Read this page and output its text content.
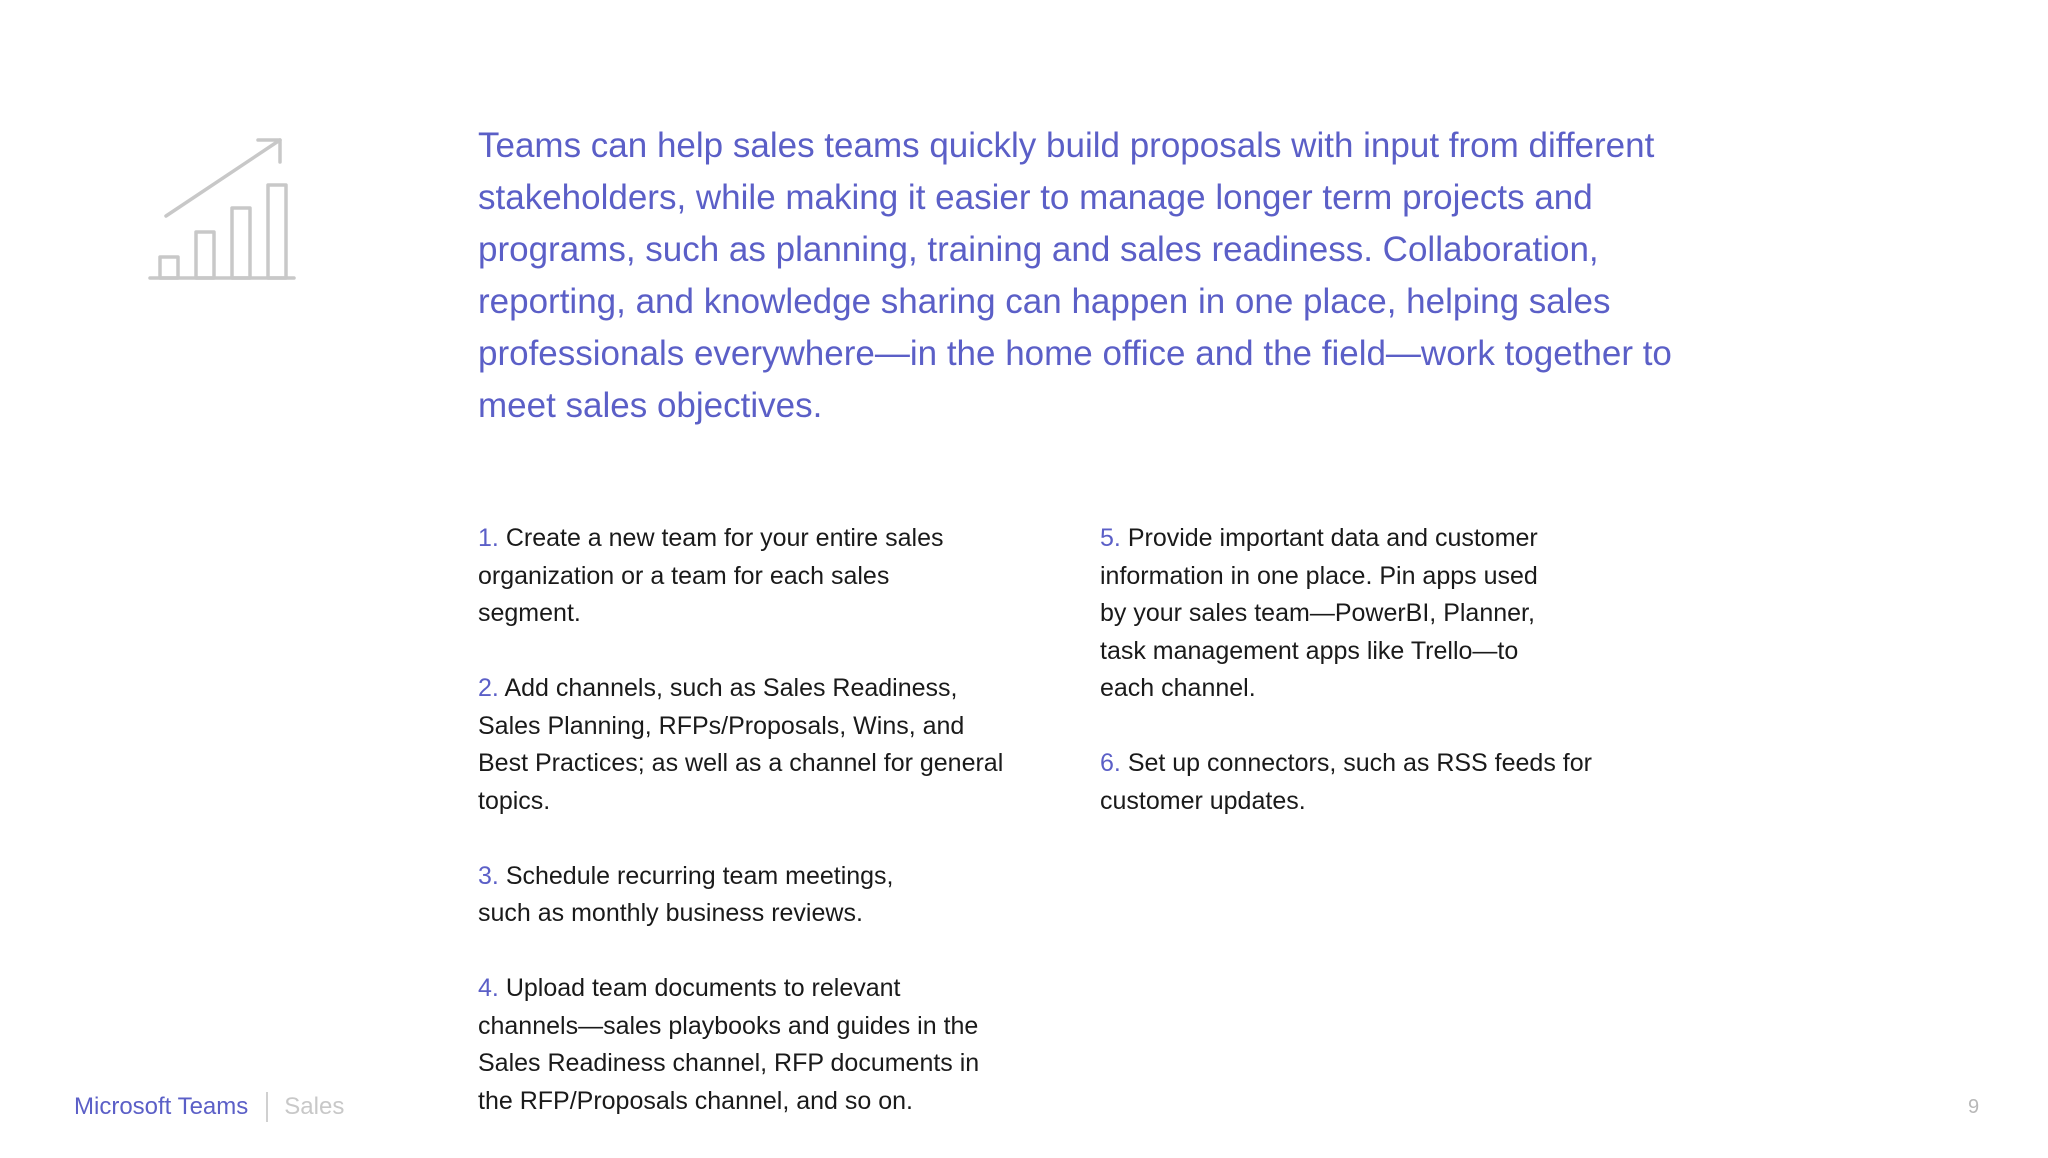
Teams can help sales teams quickly build proposals with input from different stakeholders, while making it easier to manage longer term projects and programs, such as planning, training and sales readiness. Collaboration, reporting, and knowledge sharing can happen in one place, helping sales professionals everywhere—in the home office and the field—work together to meet sales objectives.

1. Create a new team for your entire sales
organization or a team for each sales
segment.

2. Add channels, such as Sales Readiness,
Sales Planning, RFPs/Proposals, Wins, and
Best Practices; as well as a channel for general
topics.

3. Schedule recurring team meetings,
such as monthly business reviews.

4. Upload team documents to relevant
channels—sales playbooks and guides in the
Sales Readiness channel, RFP documents in
the RFP/Proposals channel, and so on.

5. Provide important data and customer
information in one place. Pin apps used
by your sales team—PowerBI, Planner,
task management apps like Trello—to
each channel.

6. Set up connectors, such as RSS feeds for
customer updates.

Microsoft Teams Sales	9
